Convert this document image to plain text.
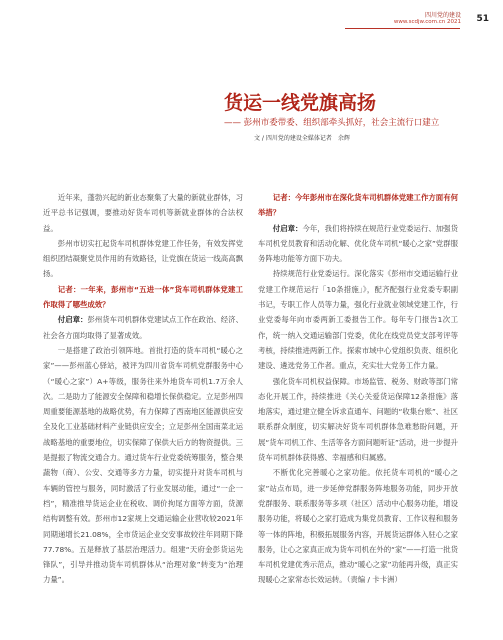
四川党的建设
www.scdjw.com.cn 2021 51
货运一线党旗高扬
—— 彭州市委带委、组织部牵头抓好，社会主流行口建立
文 / 四川党的建设全媒体记者　余辉

近年来，蓬勃兴起的新业态聚集了大量的新就业群体，习近平总书记强调，要推动好货车司机等新就业群体的合法权益。

彭州市切实扛起货车司机群体党建工作任务，有效发挥党组织团结凝聚党员作用的有效路径，让党旗在货运一线高高飘扬。

记者：一年来，彭州市“五进一体”货车司机群体党建工作取得了哪些成效？

付启章：彭州货车司机群体党建试点工作在政治、经济、社会各方面均取得了显著成效。

一是搭建了政治引领阵地。首批打造的货车司机“暖心之家”——彭州蓝心驿站，被评为四川省货车司机党群服务中心（“暖心之家”）A+等级，服务往来外地货车司机1.7万余人次。二是助力了能源安全保障和稳增长保供稳定。立足彭州四周重要能源基地的战略优势，有力保障了西南地区能源供应安全及化工业基础材料产业链供应安全；立足彭州全国南菜北运战略基地的重要地位，切实保障了保供大后方的物资提供。三是提振了物流交通合力。通过货车行业党委统筹服务，整合果蔬物（商）、公安、交通等多方力量，切实提升对货车司机与车辆的管控与服务，同时激活了行业发展动能，通过“一企一档”，精准推导货运企业在税收、调价拘尾方面等方面，货源结构调整有效。彭州市12家规上交通运输企业营收较2021年同期递增长21.08%，全市货运企业交安事故较往年同期下降77.78%。五是释放了基层治理活力。组建“天府金彭货运先锋队”，引导并推动货车司机群体从“治理对象”转变为“治理力量”。

记者：今年彭州市在深化货车司机群体党建工作方面有何举措？

付启章：今年，我们将持续在规范行业党委运行、加强货车司机党员教育和活动化解、优化货车司机“暖心之家”党群服务阵地功能等方面下功夫。

持续规范行业党委运行。深化落实《彭州市交通运输行业党建工作规范运行「10条措施」》，配齐配强行业党委专职副书记，专职工作人员等力量，强化行业就业领域党建工作，行业党委每年向市委两新工委报告工作。每年专门报告1次工作，统一纳入交通运输部门党委，优化在线党员党支部考评等考核，持续推进两新工作。探索市域中心党组织负责、组织化建设、遴选党务工作者。重点，充实壮大党务工作力量。

强化货车司机权益保障。市场监管、税务、财政等部门常态化开展工作，持续推进《关心关爱货运保障12条措施》落地落实，通过建立健全诉求直通车、问题的“收集台账”、社区联系群众制度，切实解决好货车司机群体急难愁盼问题，开展“货车司机工作、生活等各方面问题听证”活动，进一步提升货车司机群体获得感、幸福感和归属感。

不断优化完善暖心之家功能。依托货车司机的“暖心之家”站点布局，进一步延伸党群服务阵地服务功能，同步开放党群服务、联系服务等多项（社区）活动中心服务功能，增设服务功能，将暖心之家打造成为集党员教育、工作议程和服务等一体的阵地，积极拓展服务内容，开展货运群体入驻心之家服务，让心之家真正成为货车司机在外的“家”——打造一批货车司机党建优秀示范点，推动“暖心之家”功能再升级，真正实现暖心之家常态长效运转。（责编 / 卡卡洲）
